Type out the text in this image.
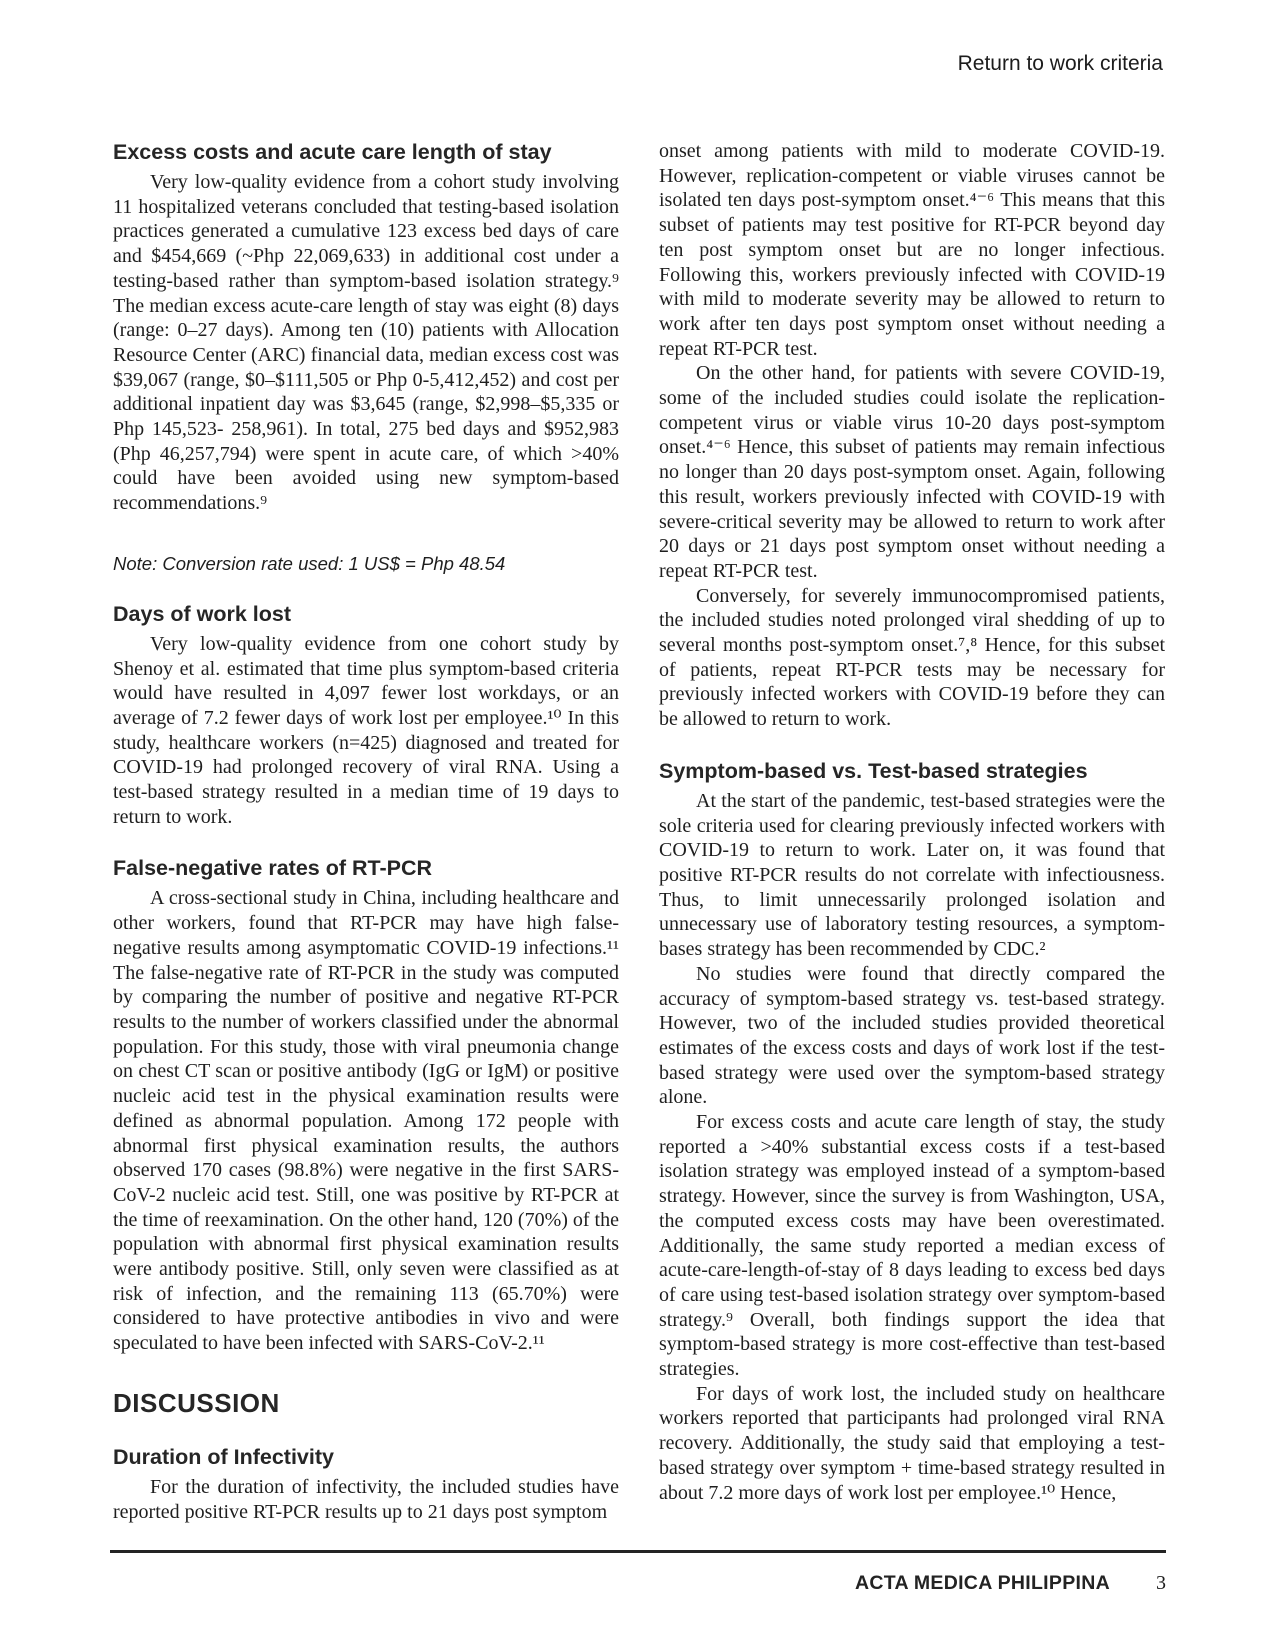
Return to work criteria
Excess costs and acute care length of stay

Very low-quality evidence from a cohort study involving 11 hospitalized veterans concluded that testing-based isolation practices generated a cumulative 123 excess bed days of care and $454,669 (~Php 22,069,633) in additional cost under a testing-based rather than symptom-based isolation strategy.⁹ The median excess acute-care length of stay was eight (8) days (range: 0–27 days). Among ten (10) patients with Allocation Resource Center (ARC) financial data, median excess cost was $39,067 (range, $0–$111,505 or Php 0-5,412,452) and cost per additional inpatient day was $3,645 (range, $2,998–$5,335 or Php 145,523- 258,961). In total, 275 bed days and $952,983 (Php 46,257,794) were spent in acute care, of which >40% could have been avoided using new symptom-based recommendations.⁹

Note: Conversion rate used: 1 US$ = Php 48.54

Days of work lost

Very low-quality evidence from one cohort study by Shenoy et al. estimated that time plus symptom-based criteria would have resulted in 4,097 fewer lost workdays, or an average of 7.2 fewer days of work lost per employee.¹⁰ In this study, healthcare workers (n=425) diagnosed and treated for COVID-19 had prolonged recovery of viral RNA. Using a test-based strategy resulted in a median time of 19 days to return to work.

False-negative rates of RT-PCR

A cross-sectional study in China, including healthcare and other workers, found that RT-PCR may have high false-negative results among asymptomatic COVID-19 infections.¹¹ The false-negative rate of RT-PCR in the study was computed by comparing the number of positive and negative RT-PCR results to the number of workers classified under the abnormal population. For this study, those with viral pneumonia change on chest CT scan or positive antibody (IgG or IgM) or positive nucleic acid test in the physical examination results were defined as abnormal population. Among 172 people with abnormal first physical examination results, the authors observed 170 cases (98.8%) were negative in the first SARS-CoV-2 nucleic acid test. Still, one was positive by RT-PCR at the time of reexamination. On the other hand, 120 (70%) of the population with abnormal first physical examination results were antibody positive. Still, only seven were classified as at risk of infection, and the remaining 113 (65.70%) were considered to have protective antibodies in vivo and were speculated to have been infected with SARS-CoV-2.¹¹

DISCUSSION
Duration of Infectivity

For the duration of infectivity, the included studies have reported positive RT-PCR results up to 21 days post symptom

onset among patients with mild to moderate COVID-19. However, replication-competent or viable viruses cannot be isolated ten days post-symptom onset.⁴⁻⁶ This means that this subset of patients may test positive for RT-PCR beyond day ten post symptom onset but are no longer infectious. Following this, workers previously infected with COVID-19 with mild to moderate severity may be allowed to return to work after ten days post symptom onset without needing a repeat RT-PCR test.

On the other hand, for patients with severe COVID-19, some of the included studies could isolate the replication-competent virus or viable virus 10-20 days post-symptom onset.⁴⁻⁶ Hence, this subset of patients may remain infectious no longer than 20 days post-symptom onset. Again, following this result, workers previously infected with COVID-19 with severe-critical severity may be allowed to return to work after 20 days or 21 days post symptom onset without needing a repeat RT-PCR test.

Conversely, for severely immunocompromised patients, the included studies noted prolonged viral shedding of up to several months post-symptom onset.⁷,⁸ Hence, for this subset of patients, repeat RT-PCR tests may be necessary for previously infected workers with COVID-19 before they can be allowed to return to work.

Symptom-based vs. Test-based strategies

At the start of the pandemic, test-based strategies were the sole criteria used for clearing previously infected workers with COVID-19 to return to work. Later on, it was found that positive RT-PCR results do not correlate with infectiousness. Thus, to limit unnecessarily prolonged isolation and unnecessary use of laboratory testing resources, a symptom-bases strategy has been recommended by CDC.²

No studies were found that directly compared the accuracy of symptom-based strategy vs. test-based strategy. However, two of the included studies provided theoretical estimates of the excess costs and days of work lost if the test-based strategy were used over the symptom-based strategy alone.

For excess costs and acute care length of stay, the study reported a >40% substantial excess costs if a test-based isolation strategy was employed instead of a symptom-based strategy. However, since the survey is from Washington, USA, the computed excess costs may have been overestimated. Additionally, the same study reported a median excess of acute-care-length-of-stay of 8 days leading to excess bed days of care using test-based isolation strategy over symptom-based strategy.⁹ Overall, both findings support the idea that symptom-based strategy is more cost-effective than test-based strategies.

For days of work lost, the included study on healthcare workers reported that participants had prolonged viral RNA recovery. Additionally, the study said that employing a test-based strategy over symptom + time-based strategy resulted in about 7.2 more days of work lost per employee.¹⁰ Hence,

ACTA MEDICA PHILIPPINA 3
